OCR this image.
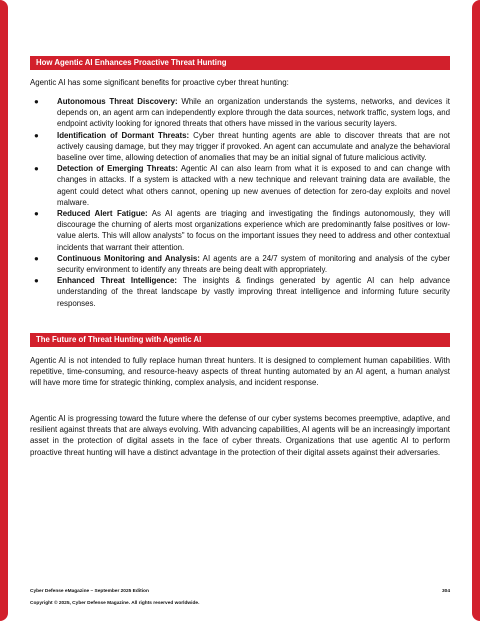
How Agentic AI Enhances Proactive Threat Hunting

Agentic AI has some significant benefits for proactive cyber threat hunting:

● Autonomous Threat Discovery: While an organization understands the systems, networks, and devices it depends on, an agent arm can independently explore through the data sources, network traffic, system logs, and endpoint activity looking for ignored threats that others have missed in the various security layers.
● Identification of Dormant Threats: Cyber threat hunting agents are able to discover threats that are not actively causing damage, but they may trigger if provoked. An agent can accumulate and analyze the behavioral baseline over time, allowing detection of anomalies that may be an initial signal of future malicious activity.
● Detection of Emerging Threats: Agentic AI can also learn from what it is exposed to and can change with changes in attacks. If a system is attacked with a new technique and relevant training data are available, the agent could detect what others cannot, opening up new avenues of detection for zero-day exploits and novel malware.
● Reduced Alert Fatigue: As AI agents are triaging and investigating the findings autonomously, they will discourage the churning of alerts most organizations experience which are predominantly false positives or low-value alerts. This will allow analysts" to focus on the important issues they need to address and other contextual incidents that warrant their attention.
● Continuous Monitoring and Analysis: AI agents are a 24/7 system of monitoring and analysis of the cyber security environment to identify any threats are being dealt with appropriately.
● Enhanced Threat Intelligence: The insights & findings generated by agentic AI can help advance understanding of the threat landscape by vastly improving threat intelligence and informing future security responses.
The Future of Threat Hunting with Agentic AI

Agentic AI is not intended to fully replace human threat hunters. It is designed to complement human capabilities. With repetitive, time-consuming, and resource-heavy aspects of threat hunting automated by an AI agent, a human analyst will have more time for strategic thinking, complex analysis, and incident response.

Agentic AI is progressing toward the future where the defense of our cyber systems becomes preemptive, adaptive, and resilient against threats that are always evolving. With advancing capabilities, AI agents will be an increasingly important asset in the protection of digital assets in the face of cyber threats. Organizations that use agentic AI to perform proactive threat hunting will have a distinct advantage in the protection of their digital assets against their adversaries.

Cyber Defense eMagazine – September 2025 Edition	304
Copyright © 2025, Cyber Defense Magazine. All rights reserved worldwide.
